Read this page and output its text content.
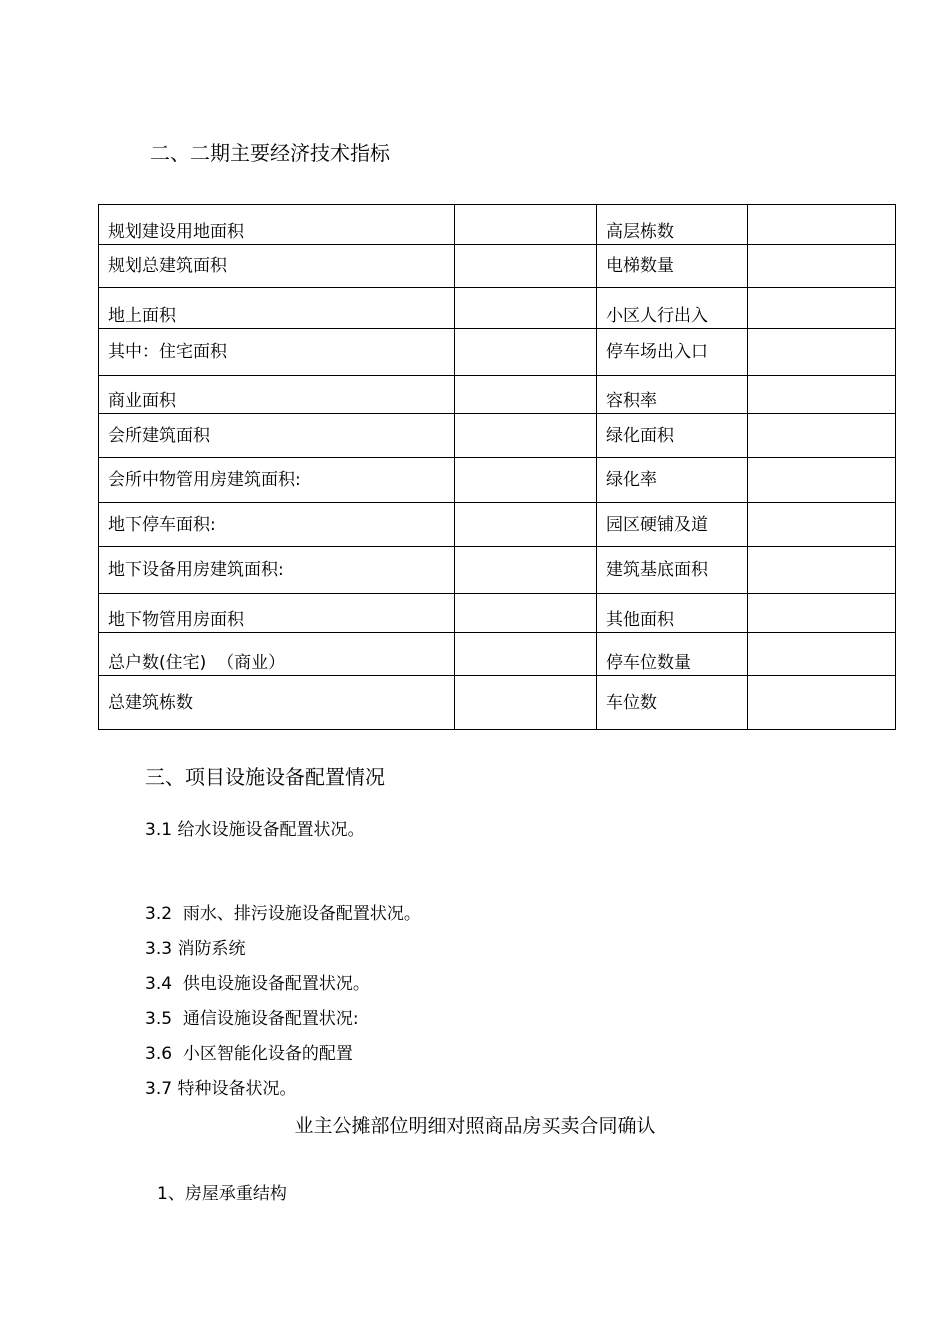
二、二期主要经济技术指标
规划建设用地面积		高层栋数	
规划总建筑面积		电梯数量	
地上面积		小区人行出入	
其中：住宅面积		停车场出入口	
商业面积		容积率	
会所建筑面积		绿化面积	
会所中物管用房建筑面积:		绿化率	
地下停车面积:		园区硬铺及道	
地下设备用房建筑面积:		建筑基底面积	
地下物管用房面积		其他面积	
总户数(住宅)  （商业）		停车位数量	
总建筑栋数		车位数	
三、项目设施设备配置情况
3.1 给水设施设备配置状况。
3.2  雨水、排污设施设备配置状况。
3.3 消防系统
3.4  供电设施设备配置状况。
3.5  通信设施设备配置状况:
3.6  小区智能化设备的配置
3.7 特种设备状况。
业主公摊部位明细对照商品房买卖合同确认
1、房屋承重结构
